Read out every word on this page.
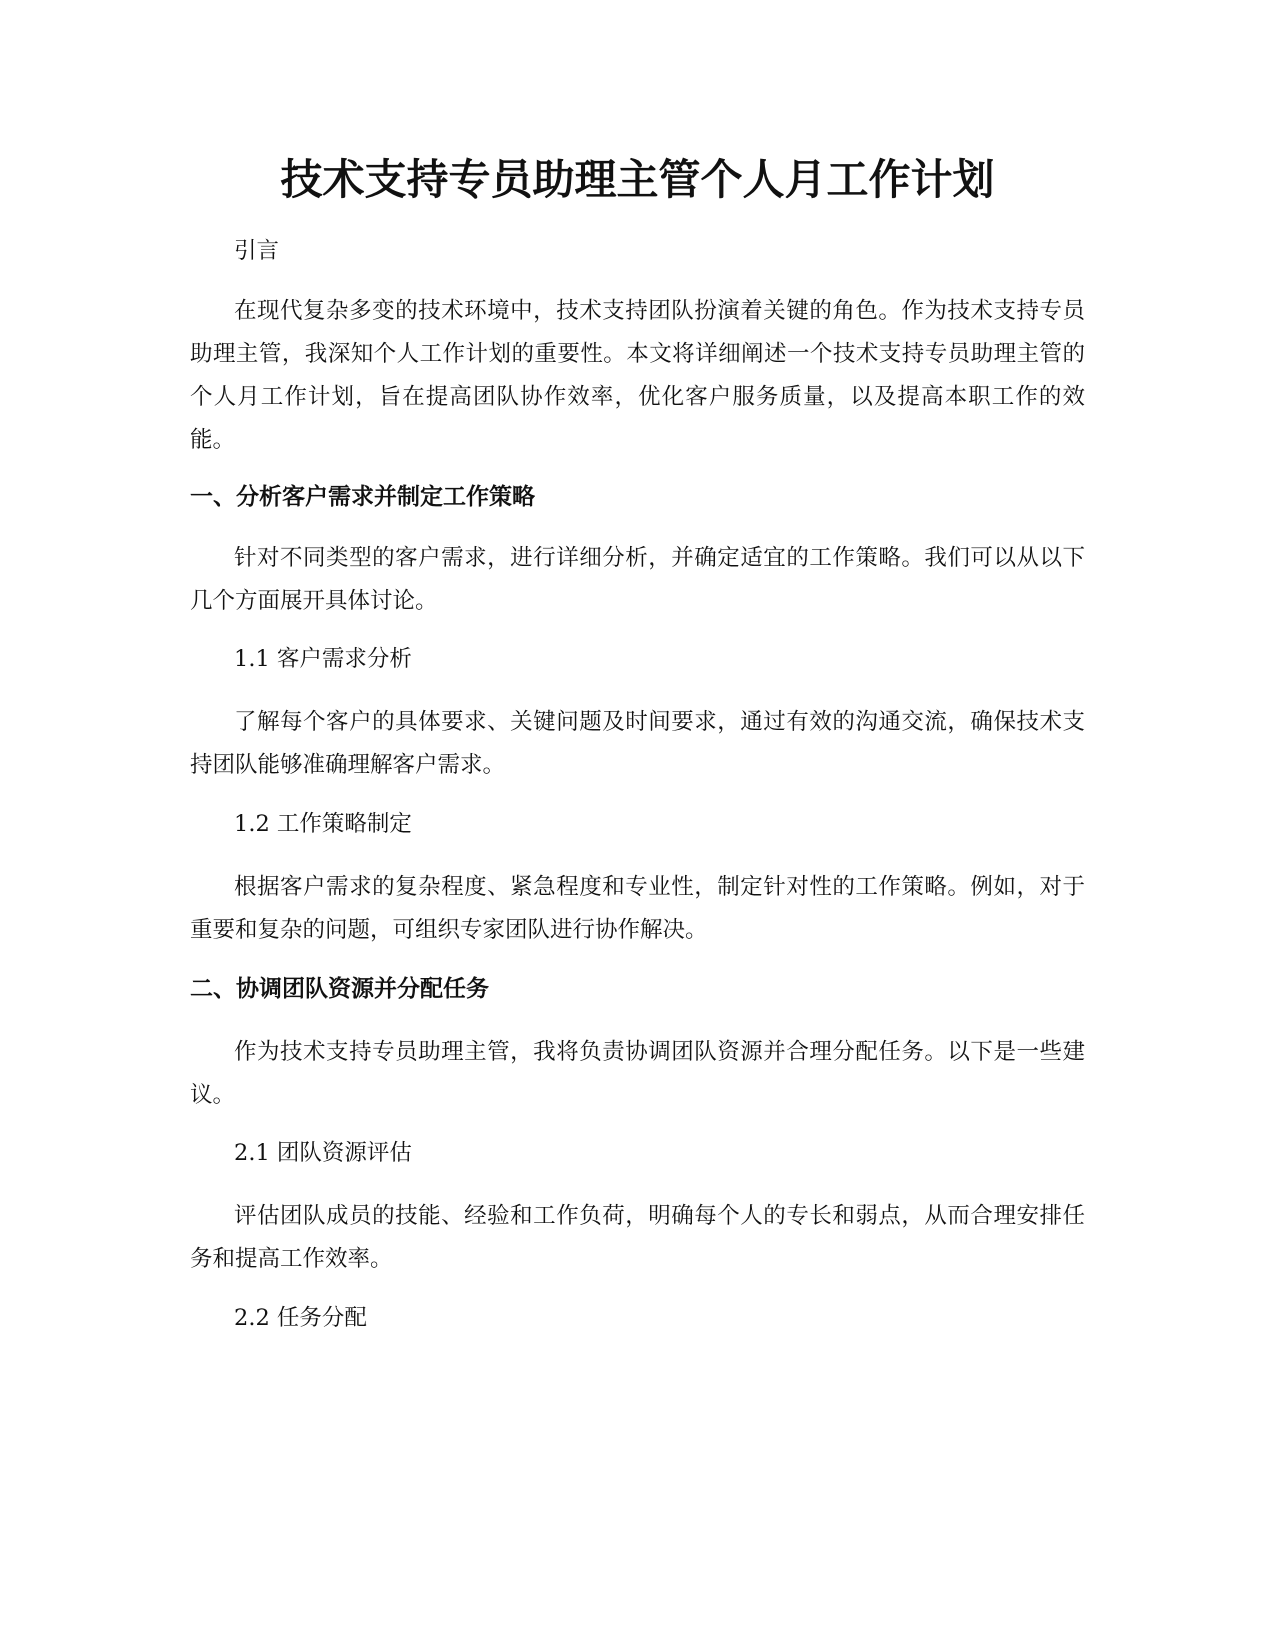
技术支持专员助理主管个人月工作计划

引言

在现代复杂多变的技术环境中，技术支持团队扮演着关键的角色。作为技术支持专员助理主管，我深知个人工作计划的重要性。本文将详细阐述一个技术支持专员助理主管的个人月工作计划，旨在提高团队协作效率，优化客户服务质量，以及提高本职工作的效能。

一、分析客户需求并制定工作策略

针对不同类型的客户需求，进行详细分析，并确定适宜的工作策略。我们可以从以下几个方面展开具体讨论。

1.1 客户需求分析

了解每个客户的具体要求、关键问题及时间要求，通过有效的沟通交流，确保技术支持团队能够准确理解客户需求。

1.2 工作策略制定

根据客户需求的复杂程度、紧急程度和专业性，制定针对性的工作策略。例如，对于重要和复杂的问题，可组织专家团队进行协作解决。

二、协调团队资源并分配任务

作为技术支持专员助理主管，我将负责协调团队资源并合理分配任务。以下是一些建议。

2.1 团队资源评估

评估团队成员的技能、经验和工作负荷，明确每个人的专长和弱点，从而合理安排任务和提高工作效率。

2.2 任务分配
